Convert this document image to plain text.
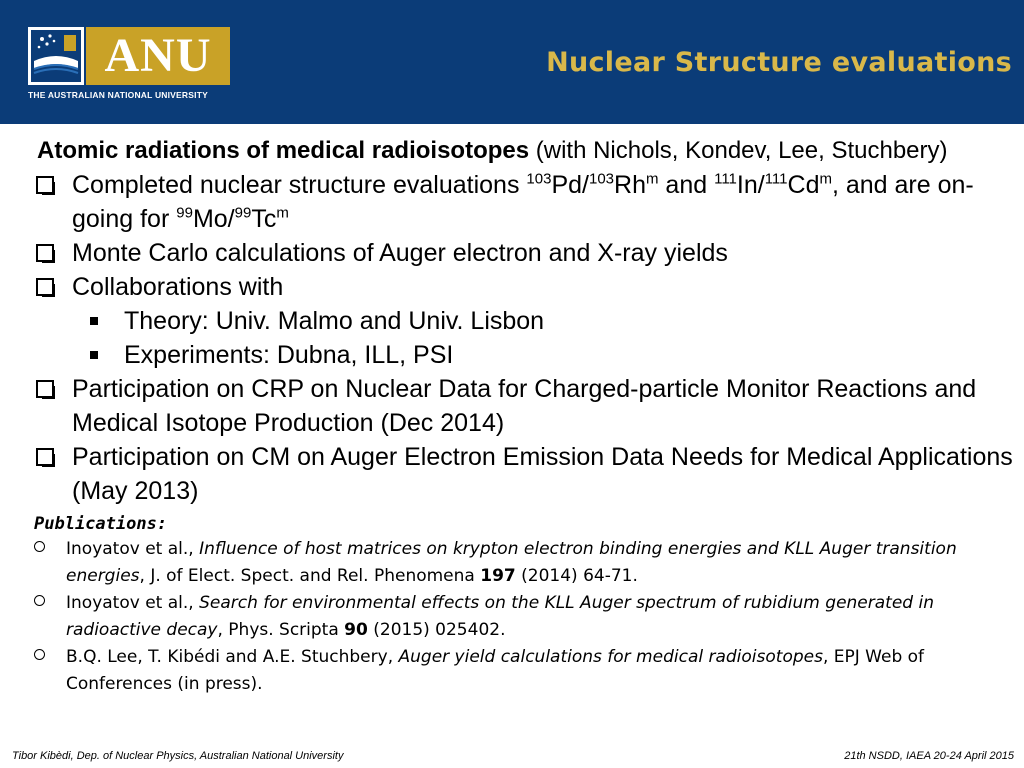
ANU
THE AUSTRALIAN NATIONAL UNIVERSITY
Nuclear Structure evaluations
Atomic radiations of medical radioisotopes (with Nichols, Kondev, Lee, Stuchbery)
Completed nuclear structure evaluations $^{103}$Pd/$^{103}$Rh$^m$ and $^{111}$In/$^{111}$Cd$^m$, and are on-going for $^{99}$Mo/$^{99}$Tc$^m$
Monte Carlo calculations of Auger electron and X-ray yields
Collaborations with
Theory: Univ. Malmo and Univ. Lisbon
Experiments: Dubna, ILL, PSI
Participation on CRP on Nuclear Data for Charged-particle Monitor Reactions and Medical Isotope Production (Dec 2014)
Participation on CM on Auger Electron Emission Data Needs for Medical Applications (May 2013)
Publications:
Inoyatov et al., Influence of host matrices on krypton electron binding energies and KLL Auger transition energies, J. of Elect. Spect. and Rel. Phenomena 197 (2014) 64-71.
Inoyatov et al., Search for environmental effects on the KLL Auger spectrum of rubidium generated in radioactive decay, Phys. Scripta 90 (2015) 025402.
B.Q. Lee, T. Kibédi and A.E. Stuchbery, Auger yield calculations for medical radioisotopes, EPJ Web of Conferences (in press).
Tibor Kibèdi, Dep. of Nuclear Physics, Australian National University	21th NSDD, IAEA 20-24 April 2015
